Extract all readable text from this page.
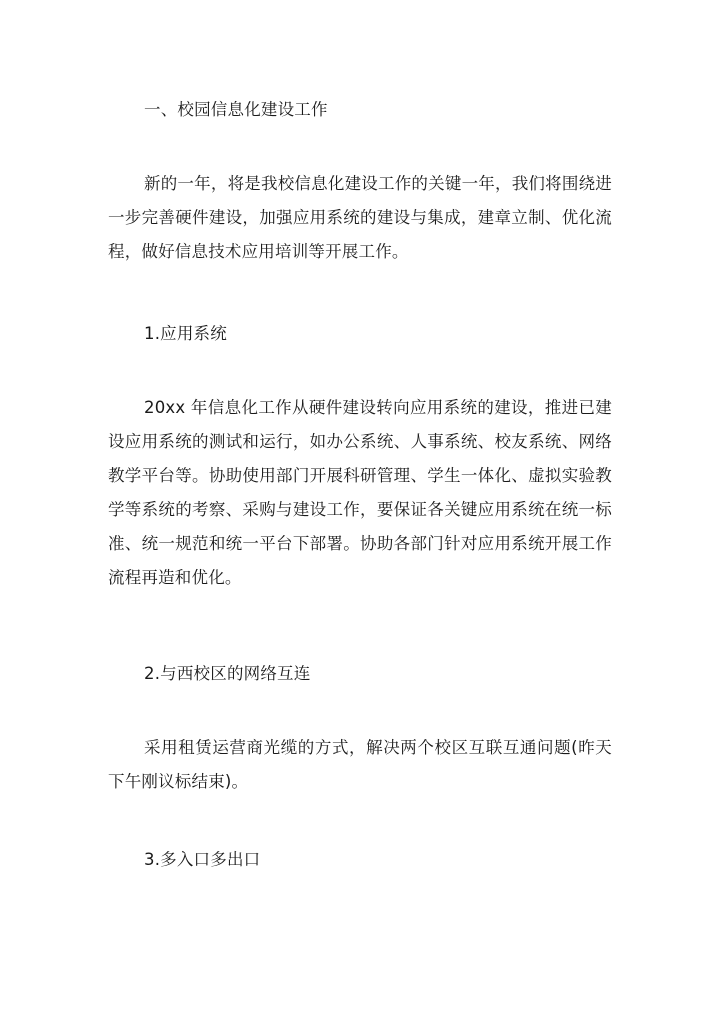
一、校园信息化建设工作

新的一年，将是我校信息化建设工作的关键一年，我们将围绕进
一步完善硬件建设，加强应用系统的建设与集成，建章立制、优化流
程，做好信息技术应用培训等开展工作。

1.应用系统

20xx 年信息化工作从硬件建设转向应用系统的建设，推进已建
设应用系统的测试和运行，如办公系统、人事系统、校友系统、网络
教学平台等。协助使用部门开展科研管理、学生一体化、虚拟实验教
学等系统的考察、采购与建设工作，要保证各关键应用系统在统一标
准、统一规范和统一平台下部署。协助各部门针对应用系统开展工作
流程再造和优化。

2.与西校区的网络互连

采用租赁运营商光缆的方式，解决两个校区互联互通问题(昨天
下午刚议标结束)。

3.多入口多出口
